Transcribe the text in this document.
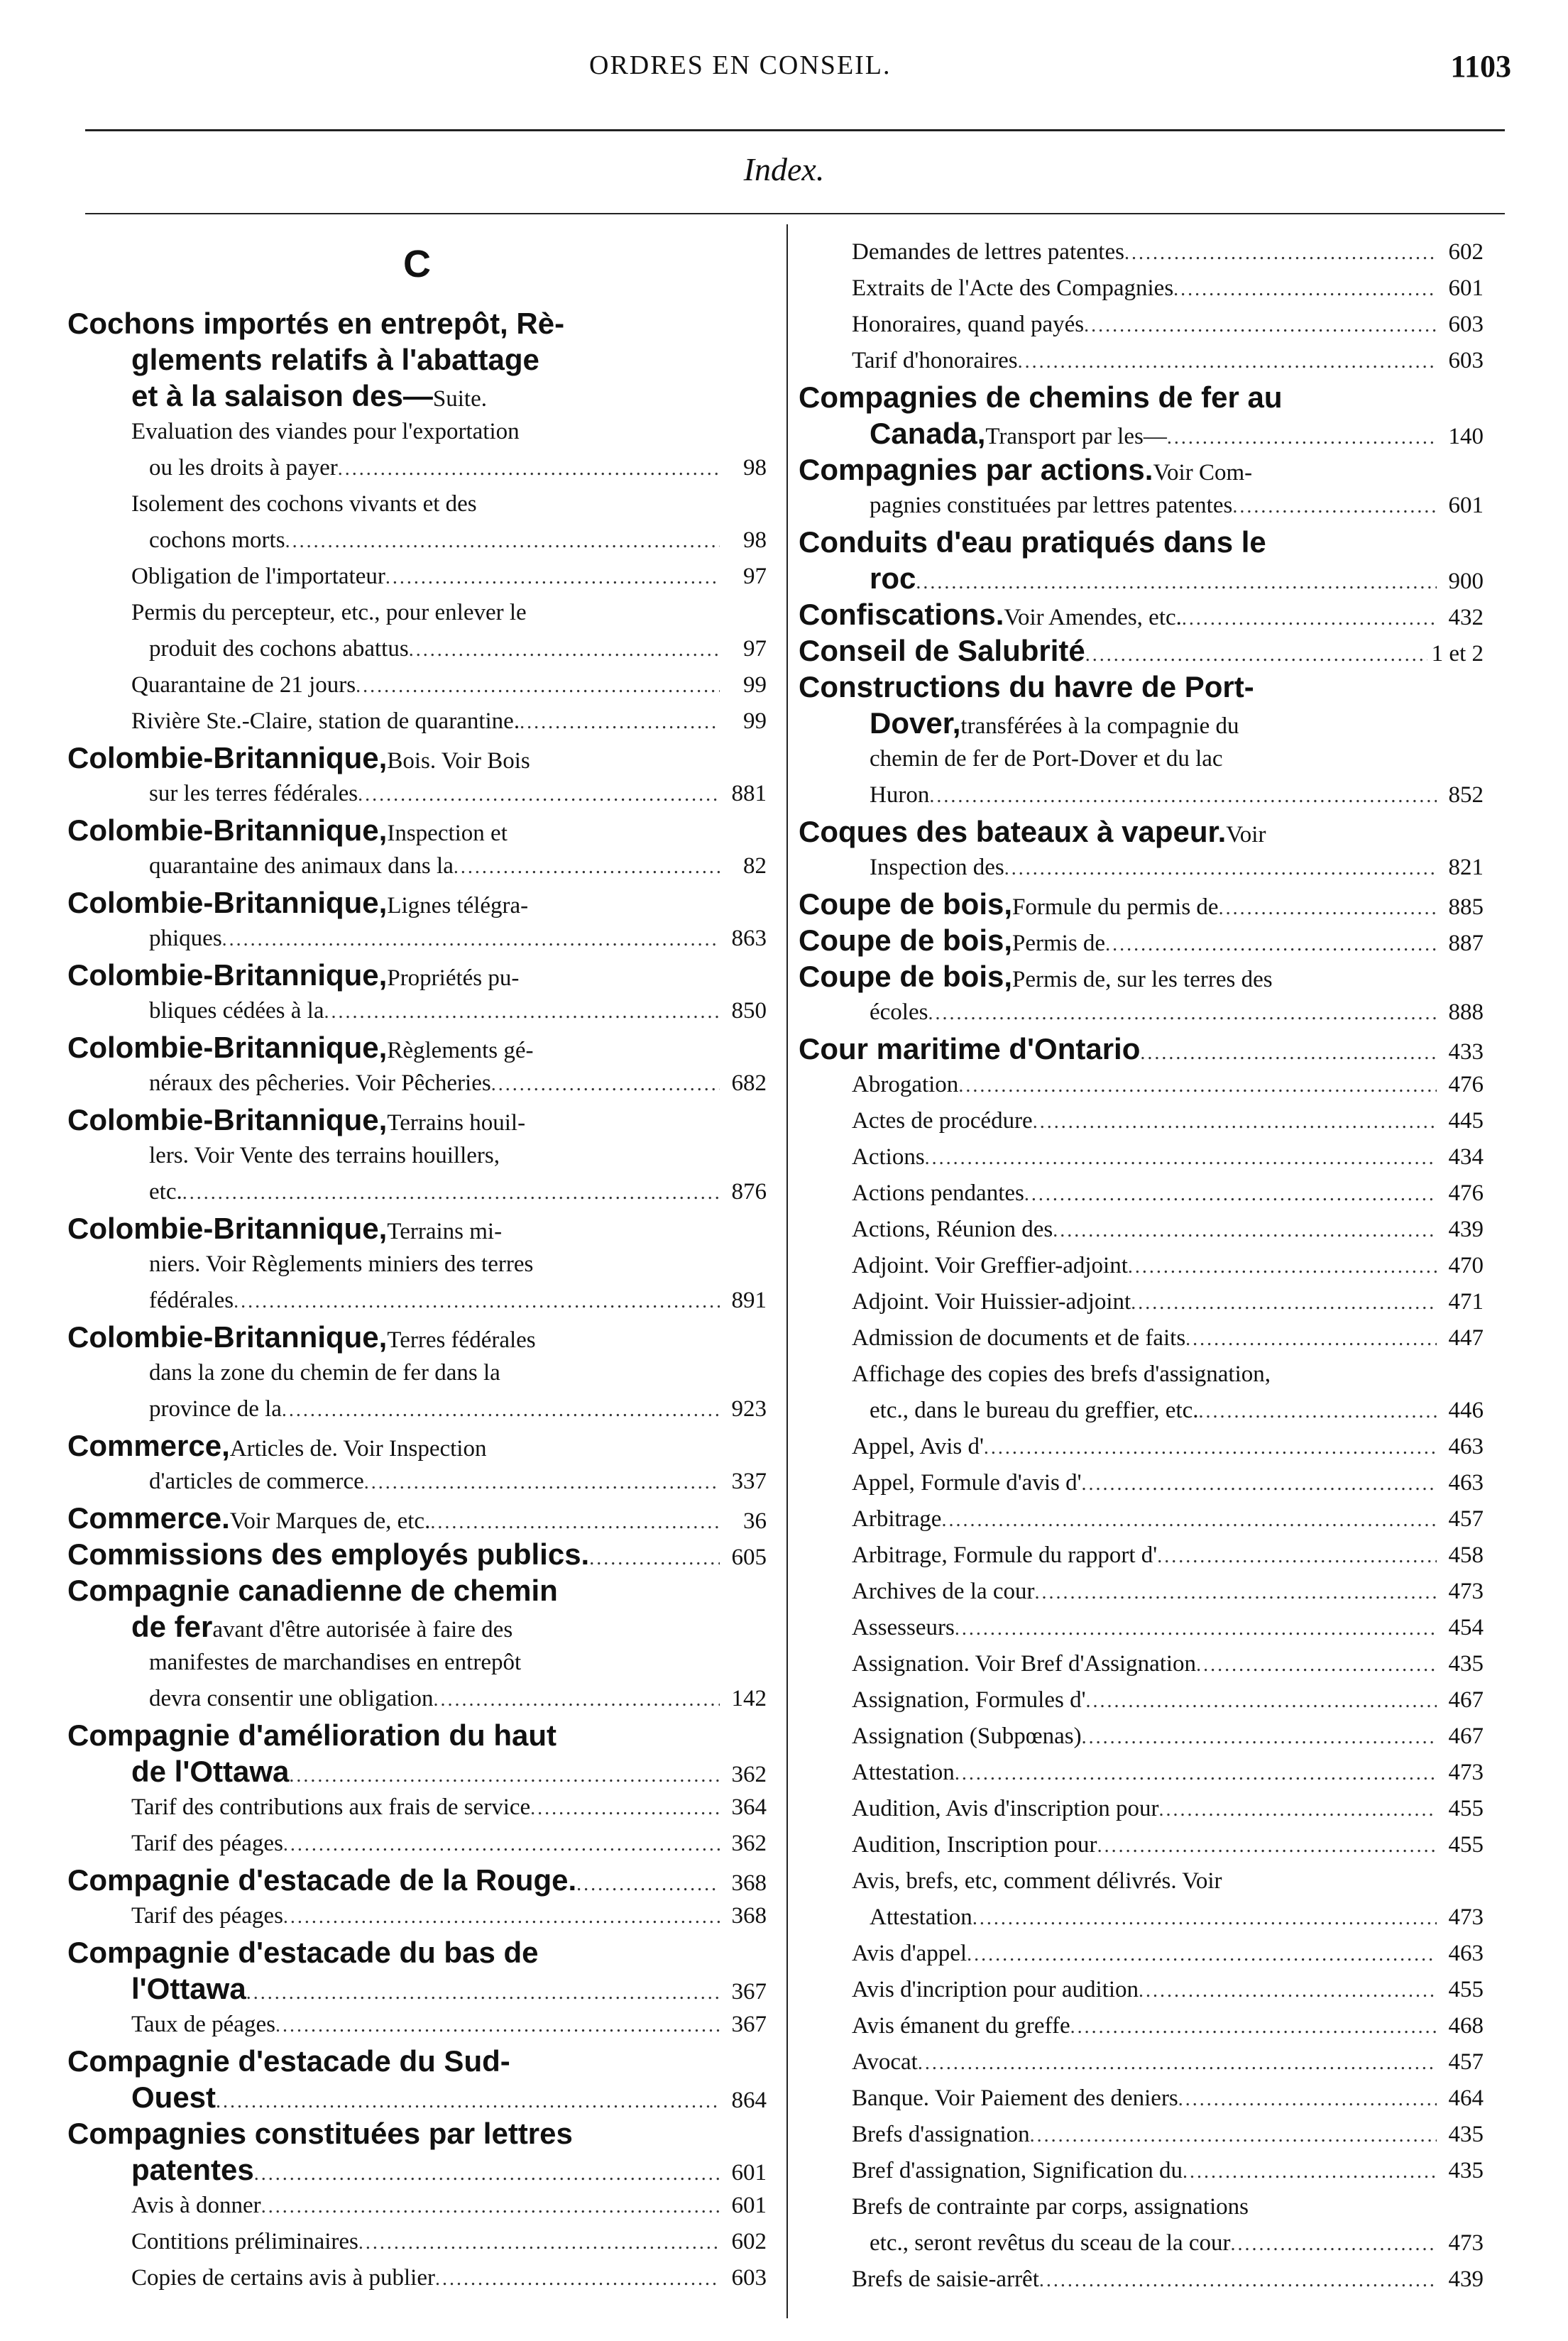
ORDRES EN CONSEIL.	1103
Index.
C
Cochons importés en entrepôt, Rè-
glements relatifs à l'abattage
et à la salaison des— Suite.
Evaluation des viandes pour l'exportation
ou les droits à payer .....	98
Isolement des cochons vivants et des
cochons morts .....	98
Obligation de l'importateur .....	97
Permis du percepteur, etc., pour enlever le
produit des cochons abattus .....	97
Quarantaine de 21 jours .....	99
Rivière Ste.-Claire, station de quarantine. .....	99
Colombie-Britannique, Bois. Voir Bois
sur les terres fédérales .....	881
Colombie-Britannique, Inspection et
quarantaine des animaux dans la .....	82
Colombie-Britannique, Lignes télégra-
phiques .....	863
Colombie-Britannique, Propriétés pu-
bliques cédées à la .....	850
Colombie-Britannique, Règlements gé-
néraux des pêcheries. Voir Pêcheries .....	682
Colombie-Britannique, Terrains houil-
lers. Voir Vente des terrains houillers,
etc. .....	876
Colombie-Britannique, Terrains mi-
niers. Voir Règlements miniers des terres
fédérales .....	891
Colombie-Britannique, Terres fédérales
dans la zone du chemin de fer dans la
province de la .....	923
Commerce, Articles de. Voir Inspection
d'articles de commerce .....	337
Commerce. Voir Marques de, etc. .....	36
Commissions des employés publics. .....	605
Compagnie canadienne de chemin
de fer avant d'être autorisée à faire des
manifestes de marchandises en entrepôt
devra consentir une obligation .....	142
Compagnie d'amélioration du haut
de l'Ottawa .....	362
Tarif des contributions aux frais de service .....	364
Tarif des péages .....	362
Compagnie d'estacade de la Rouge. .....	368
Tarif des péages .....	368
Compagnie d'estacade du bas de
l'Ottawa .....	367
Taux de péages .....	367
Compagnie d'estacade du Sud-
Ouest .....	864
Compagnies constituées par lettres
patentes .....	601
Avis à donner .....	601
Contitions préliminaires .....	602
Copies de certains avis à publier .....	603
Demandes de lettres patentes .....	602
Extraits de l'Acte des Compagnies .....	601
Honoraires, quand payés .....	603
Tarif d'honoraires .....	603
Compagnies de chemins de fer au
Canada, Transport par les— .....	140
Compagnies par actions. Voir Com-
pagnies constituées par lettres patentes .....	601
Conduits d'eau pratiqués dans le
roc .....	900
Confiscations. Voir Amendes, etc. .....	432
Conseil de Salubrité .....	1 et 2
Constructions du havre de Port-
Dover, transférées à la compagnie du
chemin de fer de Port-Dover et du lac
Huron .....	852
Coques des bateaux à vapeur. Voir
Inspection des .....	821
Coupe de bois, Formule du permis de .....	885
Coupe de bois, Permis de .....	887
Coupe de bois, Permis de, sur les terres des
écoles .....	888
Cour maritime d'Ontario .....	433
Abrogation .....	476
Actes de procédure .....	445
Actions .....	434
Actions pendantes .....	476
Actions, Réunion des .....	439
Adjoint. Voir Greffier-adjoint .....	470
Adjoint. Voir Huissier-adjoint .....	471
Admission de documents et de faits .....	447
Affichage des copies des brefs d'assignation,
etc., dans le bureau du greffier, etc. .....	446
Appel, Avis d' .....	463
Appel, Formule d'avis d' .....	463
Arbitrage .....	457
Arbitrage, Formule du rapport d' .....	458
Archives de la cour .....	473
Assesseurs .....	454
Assignation. Voir Bref d'Assignation .....	435
Assignation, Formules d' .....	467
Assignation (Subpœnas) .....	467
Attestation .....	473
Audition, Avis d'inscription pour .....	455
Audition, Inscription pour .....	455
Avis, brefs, etc, comment délivrés. Voir
Attestation .....	473
Avis d'appel .....	463
Avis d'incription pour audition .....	455
Avis émanent du greffe .....	468
Avocat .....	457
Banque. Voir Paiement des deniers .....	464
Brefs d'assignation .....	435
Bref d'assignation, Signification du .....	435
Brefs de contrainte par corps, assignations
etc., seront revêtus du sceau de la cour .....	473
Brefs de saisie-arrêt .....	439
